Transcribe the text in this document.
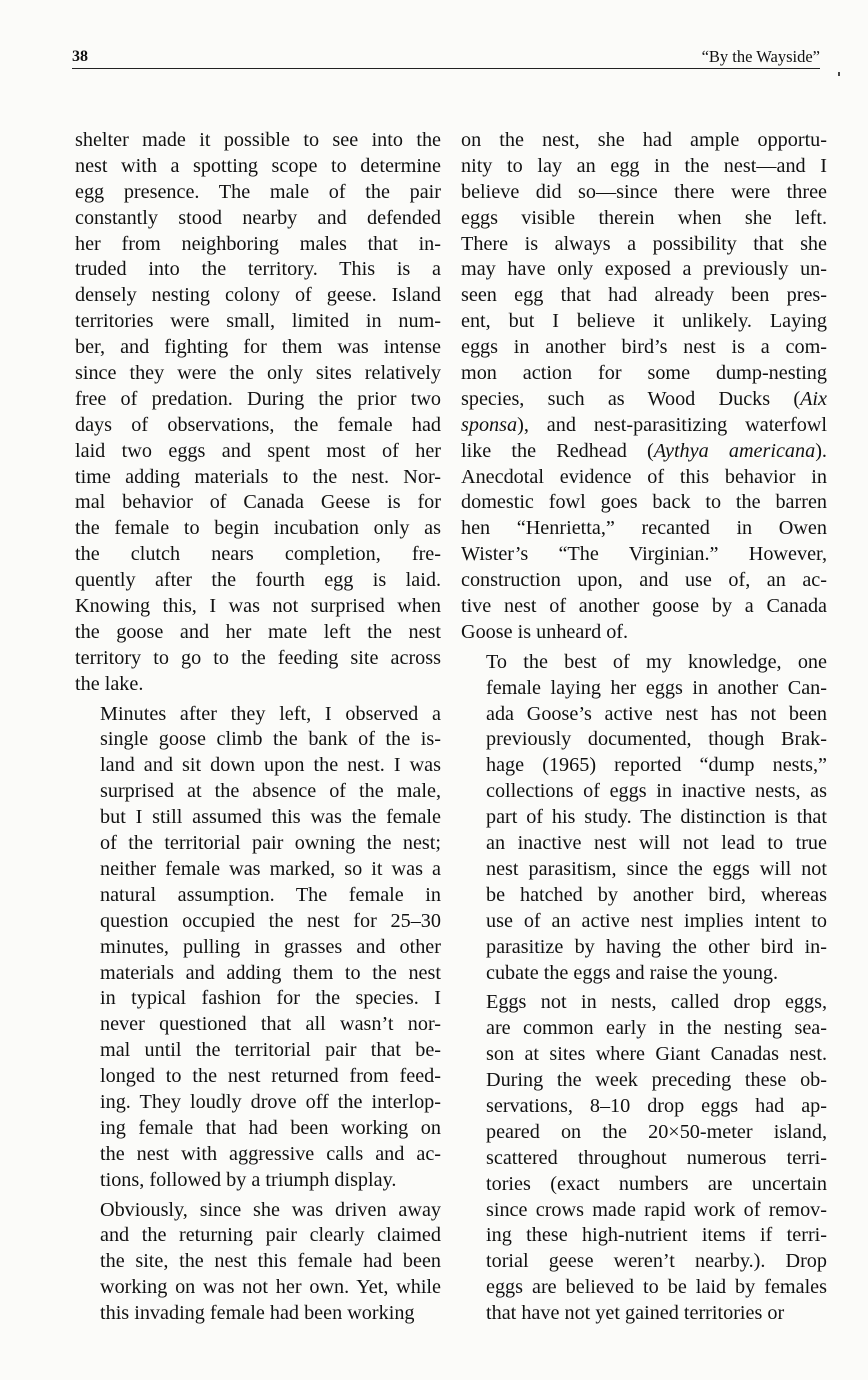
38	“By the Wayside”
shelter made it possible to see into the
nest with a spotting scope to determine
egg presence. The male of the pair
constantly stood nearby and defended
her from neighboring males that in-
truded into the territory. This is a
densely nesting colony of geese. Island
territories were small, limited in num-
ber, and fighting for them was intense
since they were the only sites relatively
free of predation. During the prior two
days of observations, the female had
laid two eggs and spent most of her
time adding materials to the nest. Nor-
mal behavior of Canada Geese is for
the female to begin incubation only as
the clutch nears completion, fre-
quently after the fourth egg is laid.
Knowing this, I was not surprised when
the goose and her mate left the nest
territory to go to the feeding site across
the lake.
Minutes after they left, I observed a
single goose climb the bank of the is-
land and sit down upon the nest. I was
surprised at the absence of the male,
but I still assumed this was the female
of the territorial pair owning the nest;
neither female was marked, so it was a
natural assumption. The female in
question occupied the nest for 25–30
minutes, pulling in grasses and other
materials and adding them to the nest
in typical fashion for the species. I
never questioned that all wasn’t nor-
mal until the territorial pair that be-
longed to the nest returned from feed-
ing. They loudly drove off the interlop-
ing female that had been working on
the nest with aggressive calls and ac-
tions, followed by a triumph display.
Obviously, since she was driven away
and the returning pair clearly claimed
the site, the nest this female had been
working on was not her own. Yet, while
this invading female had been working
on the nest, she had ample opportu-
nity to lay an egg in the nest—and I
believe did so—since there were three
eggs visible therein when she left.
There is always a possibility that she
may have only exposed a previously un-
seen egg that had already been pres-
ent, but I believe it unlikely. Laying
eggs in another bird’s nest is a com-
mon action for some dump-nesting
species, such as Wood Ducks (Aix
sponsa), and nest-parasitizing waterfowl
like the Redhead (Aythya americana).
Anecdotal evidence of this behavior in
domestic fowl goes back to the barren
hen “Henrietta,” recanted in Owen
Wister’s “The Virginian.” However,
construction upon, and use of, an ac-
tive nest of another goose by a Canada
Goose is unheard of.
To the best of my knowledge, one
female laying her eggs in another Can-
ada Goose’s active nest has not been
previously documented, though Brak-
hage (1965) reported “dump nests,”
collections of eggs in inactive nests, as
part of his study. The distinction is that
an inactive nest will not lead to true
nest parasitism, since the eggs will not
be hatched by another bird, whereas
use of an active nest implies intent to
parasitize by having the other bird in-
cubate the eggs and raise the young.
Eggs not in nests, called drop eggs,
are common early in the nesting sea-
son at sites where Giant Canadas nest.
During the week preceding these ob-
servations, 8–10 drop eggs had ap-
peared on the 20×50-meter island,
scattered throughout numerous terri-
tories (exact numbers are uncertain
since crows made rapid work of remov-
ing these high-nutrient items if terri-
torial geese weren’t nearby.). Drop
eggs are believed to be laid by females
that have not yet gained territories or
